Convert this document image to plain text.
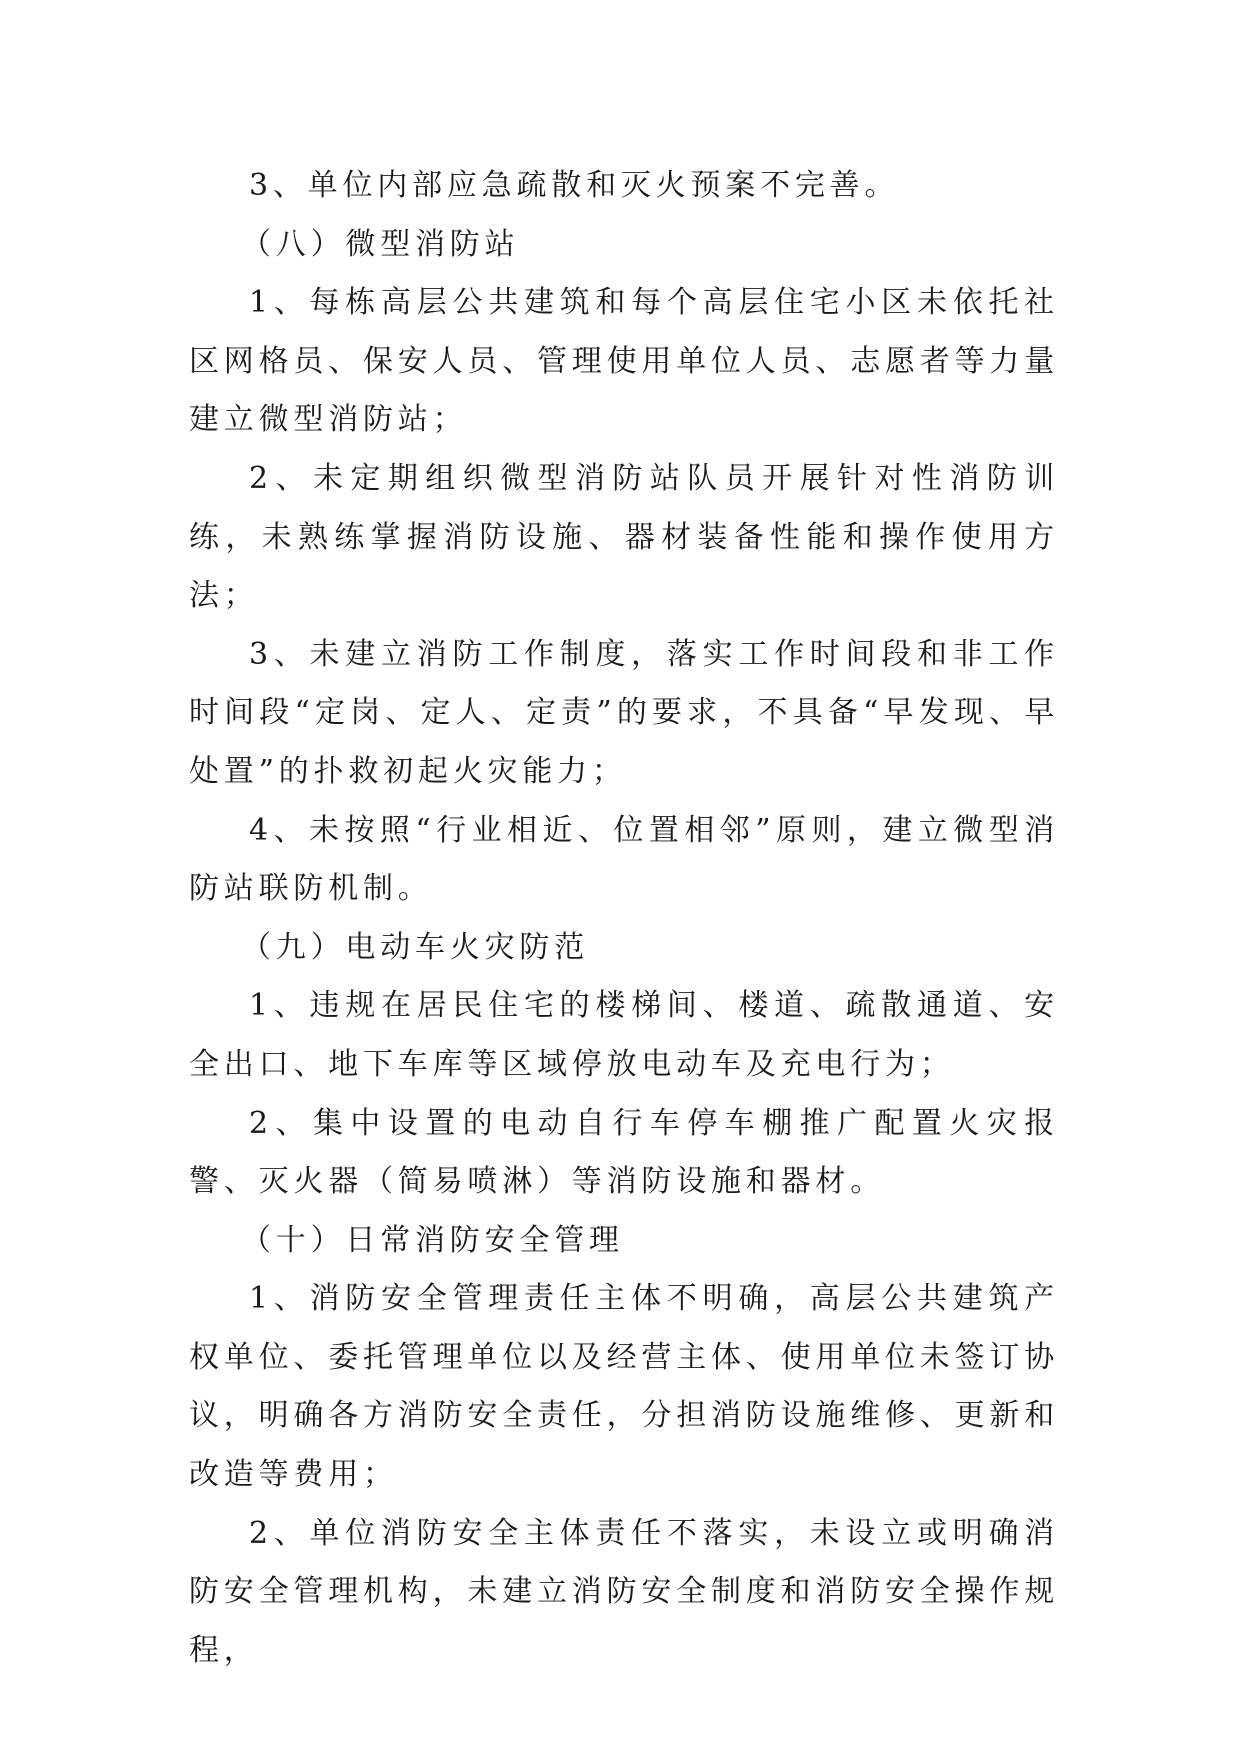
3、单位内部应急疏散和灭火预案不完善。

（八）微型消防站

1、每栋高层公共建筑和每个高层住宅小区未依托社区网格员、保安人员、管理使用单位人员、志愿者等力量建立微型消防站；

2、未定期组织微型消防站队员开展针对性消防训练，未熟练掌握消防设施、器材装备性能和操作使用方法；

3、未建立消防工作制度，落实工作时间段和非工作时间段“定岗、定人、定责”的要求，不具备“早发现、早处置”的扑救初起火灾能力；

4、未按照“行业相近、位置相邻”原则，建立微型消防站联防机制。

（九）电动车火灾防范

1、违规在居民住宅的楼梯间、楼道、疏散通道、安全出口、地下车库等区域停放电动车及充电行为；

2、集中设置的电动自行车停车棚推广配置火灾报警、灭火器（简易喷淋）等消防设施和器材。

（十）日常消防安全管理

1、消防安全管理责任主体不明确，高层公共建筑产权单位、委托管理单位以及经营主体、使用单位未签订协议，明确各方消防安全责任，分担消防设施维修、更新和改造等费用；

2、单位消防安全主体责任不落实，未设立或明确消防安全管理机构，未建立消防安全制度和消防安全操作规程，
